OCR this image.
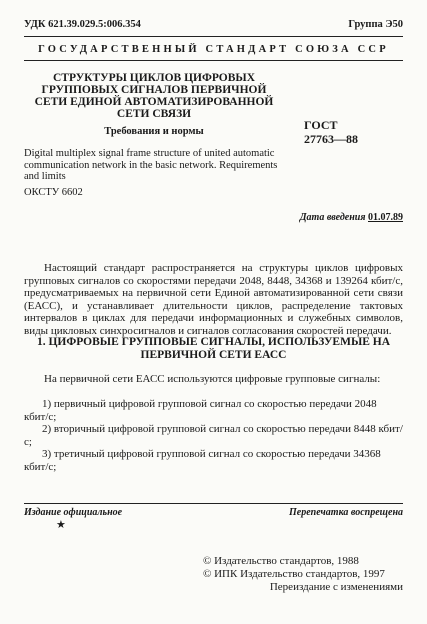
УДК 621.39.029.5:006.354	Группа Э50
ГОСУДАРСТВЕННЫЙ СТАНДАРТ СОЮЗА ССР
СТРУКТУРЫ ЦИКЛОВ ЦИФРОВЫХ ГРУППОВЫХ СИГНАЛОВ ПЕРВИЧНОЙ СЕТИ ЕДИНОЙ АВТОМАТИЗИРОВАННОЙ СЕТИ СВЯЗИ
Требования и нормы	ГОСТ
27763—88
Digital multiplex signal frame structure of united automatic communication network in the basic network. Requirements and limits
ОКСТУ 6602
Дата введения 01.07.89
Настоящий стандарт распространяется на структуры циклов цифровых групповых сигналов со скоростями передачи 2048, 8448, 34368 и 139264 кбит/с, предусматриваемых на первичной сети Единой автоматизированной сети связи (ЕАСС), и устанавливает длительности циклов, распределение тактовых интервалов в циклах для передачи информационных и служебных символов, виды цикловых синхросигналов и сигналов согласования скоростей передачи.
1. ЦИФРОВЫЕ ГРУППОВЫЕ СИГНАЛЫ, ИСПОЛЬЗУЕМЫЕ НА ПЕРВИЧНОЙ СЕТИ ЕАСС
На первичной сети ЕАСС используются цифровые групповые сигналы:
1) первичный цифровой групповой сигнал со скоростью передачи 2048 кбит/с;
2) вторичный цифровой групповой сигнал со скоростью передачи 8448 кбит/с;
3) третичный цифровой групповой сигнал со скоростью передачи 34368 кбит/с;
Издание официальное	Перепечатка воспрещена
★
© Издательство стандартов, 1988
© ИПК Издательство стандартов, 1997
Переиздание с изменениями
